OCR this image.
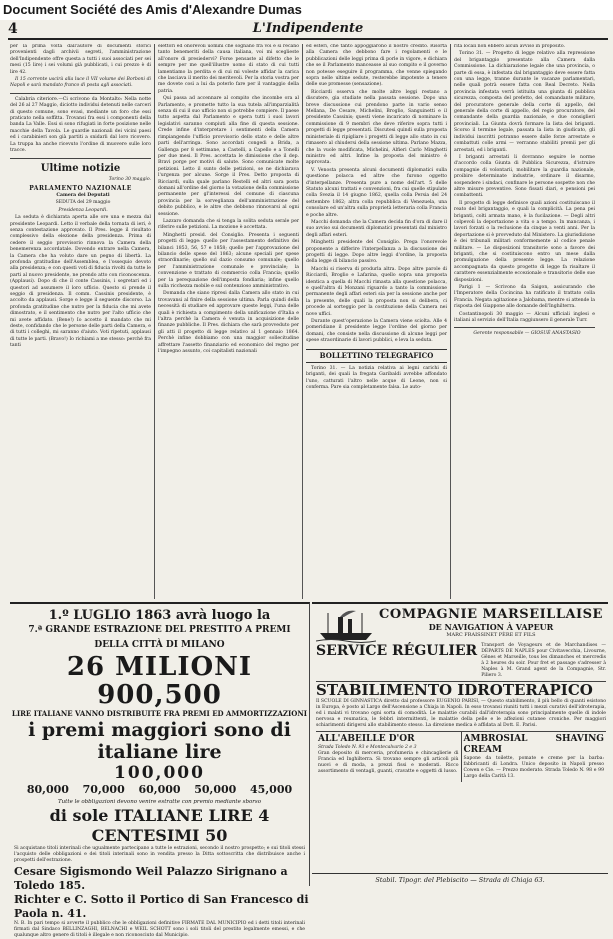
Document Société des Amis d'Alexandre Dumas
4	L'Indipendente

per la prima volta dall'autore di documenti storici provenienti dagli archivii segreti, l'amministrazione dell'Indipendente offre questa a tutti i suoi associati per sei mesi (15 lire) i sei volumi già pubblicati, i cui prezzo è di lire 42.

Il 15 corrente uscirà alla luce il VII volume dei Borboni di Napoli e sarà mandato franco di posta agli associati.

Calabria citeriore.—Ci scrivono da Montalto: Nella notte del 26 al 27 Maggio, diciotto individui detenuti nelle carceri di questo comune, sono evasi, mediante un foro che essi praticato nella soffitta. Trovansi fra essi i componenti della banda La Valle. Essi si sono rifugiati in forte posizione nelle macchie della Tavola. Le guardie nazionali dei vicini paesi ed i carabinieri son già partiti a snidarli dal loro ricovero. La truppa ha anche ricevuto l'ordine di muovere sulle loro tracce.

Ultime notizie

Torino 30 maggio.

PARLAMENTO NAZIONALE

Camera dei Deputati

SEDUTA del 29 maggio

Presidenza Leopardi.

La seduta è dichiarata aperta alle ore una e mezza dal presidente Leopardi. Letto il verbale della tornata di ieri, è senza contestazione approvato. Il Pres. legge il risultato complessivo della elezione della presidenza. Prima di cedere il seggio provvisorio rinnova la Camera della benemerenza accordatale. Dovendo entrare nella Camera, la Camera che ha voluto dare un pegno di libertà. La profonda gratitudine dell'Assemblea, e l'ossequio devoto alla presidenza; e con questi voti di fiducia rivolti da tutte le parti al nuovo presidente, ne prendo atto con riconoscenza. (Applausi). Dopo di che il conte Cassinis, i segretari ed i questori ad assumere il loro ufficio. Questo si prende il seggio di presidenza. Il comm. Cassinis presidente, è accolto da applausi. Sorge e legge il seguente discorso. La profonda gratitudine che nutro per la fiducia che mi avete dimostrato, e il sentimento che nutro per l'alto ufficio che mi avete affidato. (Bene!) Io accetto il mandato che mi deste, confidando che le persone delle parti della Camera, e di tutti i colleghi, mi saranno d'aiuto. Voti ripetuti, applausi di tutte le parti. (Bravo!) Io richiami a me stesso: perchè fra tanti

elettori ed onorevoli uomini che sognano fra voi e si recano tanto benemeriti della causa italiana, voi mi sceglieste all'onore di presiedervi? Forse pensaste al difetto che le sempre per me quell'illustre uomo di stato di cui tutti lamentiamo la perdita e di cui mi voleste affidar la carica che lasciava il merito dei meritevoli. Per la storia vostra per me dovete così a lui da poterlo fare per il vantaggio della patria.

Qui passa ad accennare al compito che incombe ora al Parlamento, e promette tutto la sua tutela all'imparzialità senza di cui il suo ufficio non si potrebbe compiere. Il paese tutto aspetta dal Parlamento e spera tutti i suoi lavori legislativi saranno compiuti alla fine di questa sessione. Crede infine d'interpretare i sentimenti della Camera rimpiangendo l'ufficio provvisorio dello stato e delle altre parti dell'arringa. Sono accordati congedi a Brida, a Gallenga per 8 settimane, a Castelli, a Capello e a Tonelli per due mesi. Il Pres. accettata le dimissione che il dep. Bravi porge per motivi di salute. Sono comunicate molte petizioni. Letto il sunto delle petizioni, se ne dichiarava l'urgenza per alcune. Sorge il Pres. Detto proposta di Ricciardi, sulla quale parlano Restelli ed altri sara posta domani all'ordine del giorno la votazione della commissione permanente per gl'interessi del comune di ciascuna provincia per la sorveglianza dell'amministrazione del debito pubblico, e le altre che debbono rinnovarsi al ogni sessione.

Lazzaro domanda che si tenga la solita seduta serale per riferire sulle petizioni. La mozione è accettata.

Minghetti presid. del Consiglio. Presenta i seguenti progetti di legge: quello per l'assestamento definitivo dei bilanci 1853, 56, 57 e 1858; quello per l'approvazione del bilancio delle spese del 1863; alcune speciali per spese straordinarie; quello sul dazio consumo comunale; quello per l'amministrazione comunale e provinciale; la convenzione e trattato di commercio colla Francia; quello per la perequazione dell'imposta fondiaria; infine quello sulla ricchezza mobile e sul contenzioso amministrativo.

Domanda che siano ripresi dalla Camera allo stato in cui trovavansi al finire della sessione ultima. Parla quindi della necessità di studiare ed approvare queste leggi, l'una delle quali è richiesta a compimento della unificazione d'Italia e l'altra perchè la Camera è venuta in acquisizione delle finanze pubbliche. Il Pres. dichiara che sarà provveduto per gli atti il progetto di legge relativo al 1 gennaio 1864. Perchè infine dobbiamo con una maggior sollecitudine affrettare l'assetto finanziario ed economico del regno per l'impegno assunto, coi capitalisti nazionali

ed esteri, che tanto appoggiarono il nostro credito. Risorta alla Camera che debbono fare i regolamenti e le pubblicazioni delle leggi prima di porle in vigore, e dichiara che se il Parlamento manceasse al suo compito e il governo non potesse eseguire il programma, che venne spiegando sopra nelle ultime sedute, resterebbe impotente a tenere delle sue promesse (sensazione).

Ricciardi osserva che molte altre leggi restano a discutere, gia studiate nella passata sessione. Dopo una breve discussione cui prendono parte in vario senso Mellana, De Cesare, Michelini, Broglio, Sanguinetti e il presidente Cassinis; questi viene incaricato di nominare la commissione di 9 membri che deve riferire sopra tutti i progetti di legge presentati. Discutesi quindi sulla proposta ministeriale di ripigliare i progetti di legge allo stato in cui rimasero al chiudersi della sessione ultima. Parlano Mazza, che la vuole modificata, Michelini, Alfieri Carlo Minghetti ministro ed altri. Infine la proposta del ministro è approvata.

V. Venosta presenta alcuni documenti diplomatici sulla questione polacca ed altre che furono oggetto d'interpellanze. Presenta pure a nome dell'art. 5 delle Statuto alcuni trattati e convenzioni, fra cui quelle stipulate colla Svezia il 14 giugno 1862, quella colla Persia del 24 settembre 1862; altra colla repubblica di Venezuela, una consolare ed un'altra sulla proprietà letteraria colla Francia e poche altre.

Macchi domanda che la Camera decida fin d'ora di dare il suo avviso sui documenti diplomatici presentati dal ministro degli affari esteri.

Minghetti presidente del Consiglio. Prega l'onorevole proponente a differire l'interpellanza a la discussione dei progetti di legge. Dopo altre leggi d'ordine, la proposta della legge di bilancio passivo.

Macchi si riserva di produrla altra. Dopo altre parole di Ricciardi, Broglio e Lafarina, quello sopra una proposta identica a quella di Macchi rimasta alla questione polacca, e quell'altra di Monzani riguardo a tanto la commissione permanente degli affari esteri sia per la sessione anche per la presente, delle quali la proposta non si delibera, ci procede al sorteggio per la costituzione della Camera nei nove uffici.

Durante quest'operazione la Camera viene sciolta. Alle 4 pomeridiane il presidente legge l'ordine del giorno per domani, che consiste nella discussione di alcune leggi per spese straordinarie di lavori pubblici, e leva la seduta.

BOLLETTINO TELEGRAFICO

Torino 31. — La notizia relativa ai legni carichi di briganti, dei quali la fregata Garibaldi avrebbe affondato l'uno, catturati l'altro nelle acque di Leone, non si conferma. Pare sia completamente falsa. Le auto-

rità locali non ebbero alcun avviso in proposito.

Torino 31. — Progetto di legge relativo alla repressione del brigantaggio presentato alla Camera dalla Commissione. La dichiarazione legale che una provincia, o parte di essa, è infestata dal brigantaggio deve essere fatta con una legge, tranne durante le vacanze parlamentari, nelle quali potrà essere fatta con Real Decreto. Nella provincia infestata verrà istituita una giunta di pubblica sicurezza, composta del prefetto, del comandante militare, del procuratore generale della corte di appello, del generale della corte di appello, del regio procuratore, del comandante della guardia nazionale, e due consiglieri provinciali. La Giunta dovrà formare la lista dei briganti. Scorso il termine legale, passata la lista in giudicato, gli individui inscritti potranno essere dalle forze arrestate e combattuti colle armi — verranno stabiliti premii per gli arrestati, ed i briganti.

I briganti arrestati li dovranno seguire le norme d'accordo colla Giunta di Pubblica Sicurezza, d'istruire compagnie di volontarii, mobilitare la guardia nazionale, proibire determinate industrie, ordinare il disarmo, sospendere i sindaci, confinare le persone sospette non che altre misure preventive. Sono fissati diari, e pensioni pei combattenti.

Il progetto di legge definisce quali azioni costituiscano il reato del brigantaggio, e quali la complicità. La pena pei briganti, colti armata mano, è la fucilazione. — Degli altri colpevoli la deportazione a vita o a tempo. In mancanza, i lavori forzati o la reclusione da cinque a venti anni. Per la deportazione si è provveduto dal Ministero. La giurisdizione è dei tribunali militari conformemente al codice penale militare. — Le disposizioni transitorie sono a favore dei briganti, che si costituiscono entro un mese dalla promulgazione della presente legge. La relazione accompagnata da questo progetto di legge fa risaltare il carattere essenzialmente eccezionale e transitorio delle sue disposizioni.

Parigi 1 — Scrivono da Saigon, assicurando che l'Imperatore della Cocincina ha ratificato il trattato colla Francia. Negata agitazione a Jalobama, mentre si attende la risposta del Giappone alle domande dell'Inghilterra.

Costantinopoli 30 maggio — Alcuni ufficiali inglesi e italiani al servizio dell'Italia raggiunsero il generale Turr.

Gerente responsabile — GIOSUÈ ANASTASIO

1.º LUGLIO 1863 avrà luogo la
7.ª GRANDE ESTRAZIONE DEL PRESTITO A PREMI DELLA CITTÀ DI MILANO
26 MILIONI 900,500
LIRE ITALIANE VANNO DISTRIBUITE FRA PREMI ED AMMORTIZZAZIONI
i premi maggiori sono di italiane lire
100,000
80,000 70,000 60,000 50,000 45,000
Tutte le obbligazioni devono venire estratte con premio mediante sborso
di sole ITALIANE LIRE 4 CENTESIMI 50
Si acquistano titoli interinali che ugualmente partecipano a tutte le estrazioni, secondo il nostro prospetto; e sui titoli stessi l'acquisto delle obbligazioni e dei titoli interinali sono in vendita presso la Ditta sottoscritta che distribuisce anche i prospetti dell'estrazione.
Cesare Sigismondo Weil Palazzo Sirignano a Toledo 185.
Richter e C. Sotto il Portico di San Francesco di Paola n. 41.
N. B. In pari tempo si avverte il pubblico che le obbligazioni definitive FIRMATE DAL MUNICIPIO ed i detti titoli interinali firmati dal Sindaco BELLINZAGHI, BELNACHI e WEIL SCHOTT sono i soli titoli del prestito legalmente emessi, e che qualunque altro genere di titoli è illegale e non riconosciuto dal Municipio.
COMPAGNIE MARSEILLAISE
DE NAVIGATION À VAPEUR
MARC FRAISSINET PÈRE ET FILS
SERVICE RÉGULIER Transport de Voyageurs et de Marchandises — DÉPARTS DE NAPLES pour Civitavecchia, Livourne, Gênes et Marseille, tous les dimanches et mercredis à 2 heures du soir. Pour fret et passage s'adresser à Naples à M. Grand agent de la Compagnie, Str. Piliero 3.
STABILIMENTO IDROTERAPICO
Il SCUOLE DI GINNASTICA diretto dal professore EUGENIO PARISI, — Questo stabilimento, il più bello di quanti esistono in Europa, è posto al Largo dell'Ascensione a Chiaja in Napoli. In esso trovansi riuniti tutti i mezzi curativi dell'idroterapia, ed i malati vi trovano ogni sorta di comodità. Le malattie curabili dall'idroterapia sono principalmente quelle di indole nervosa e reumatica, le febbri intermittenti, le malattie della pelle e le affezioni cutanee croniche. Per maggiori schiarimenti dirigersi allo stabilimento stesso. La direzione medica è affidata al Dott. E. Parisi.
ALL'ABEILLE D'OR
Strada Toledo N. 93 e Montecalvario 2 e 3
Gran deposito di merceria, profumeria e chincaglierie di Francia ed Inghilterra. Si trovano sempre gli articoli più nuovi e di moda, a prezzi fissi e moderati. Ricco assortimento di ventagli, guanti, cravatte e oggetti di lusso.
AMBROSIAL SHAVING CREAM
Sapone da toilette, pomate e creme per la barba: fabbricanti di Londra. Unico deposito in Napoli presso Cowen e Cie. — Prezzo moderato. Strada Toledo N. 98 e 99 Largo della Carità 13.
Stabil. Tipogr. del Plebiscito — Strada di Chiaja 63.
